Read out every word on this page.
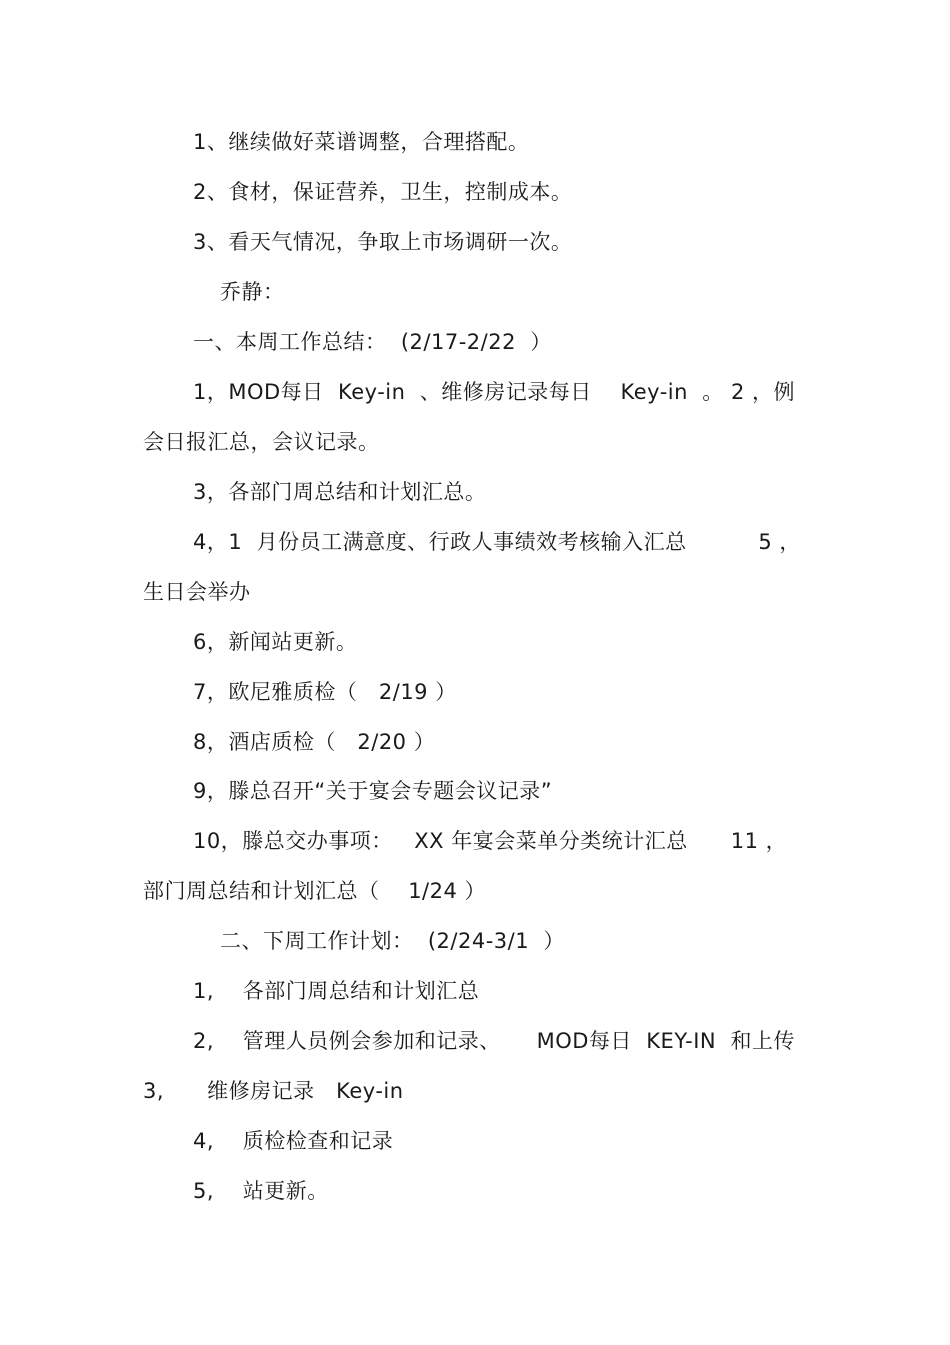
1、继续做好菜谱调整，合理搭配。
2、食材，保证营养，卫生，控制成本。
3、看天气情况，争取上市场调研一次。
乔静：
一、本周工作总结：  (2/17-2/22  ）
1，MOD每日  Key-in  、维修房记录每日    Key-in  。 2 ，例
会日报汇总，会议记录。
3，各部门周总结和计划汇总。
4，1  月份员工满意度、行政人事绩效考核输入汇总          5 ，
生日会举办
6，新闻站更新。
7，欧尼雅质检（   2/19 ）
8，酒店质检（   2/20 ）
9，滕总召开“关于宴会专题会议记录”
10，滕总交办事项：   XX 年宴会菜单分类统计汇总      11 ，
部门周总结和计划汇总（    1/24 ）
二、下周工作计划：  (2/24-3/1  ）
1,    各部门周总结和计划汇总
2,    管理人员例会参加和记录、     MOD每日  KEY-IN  和上传
3,      维修房记录   Key-in
4,    质检检查和记录
5,    站更新。
